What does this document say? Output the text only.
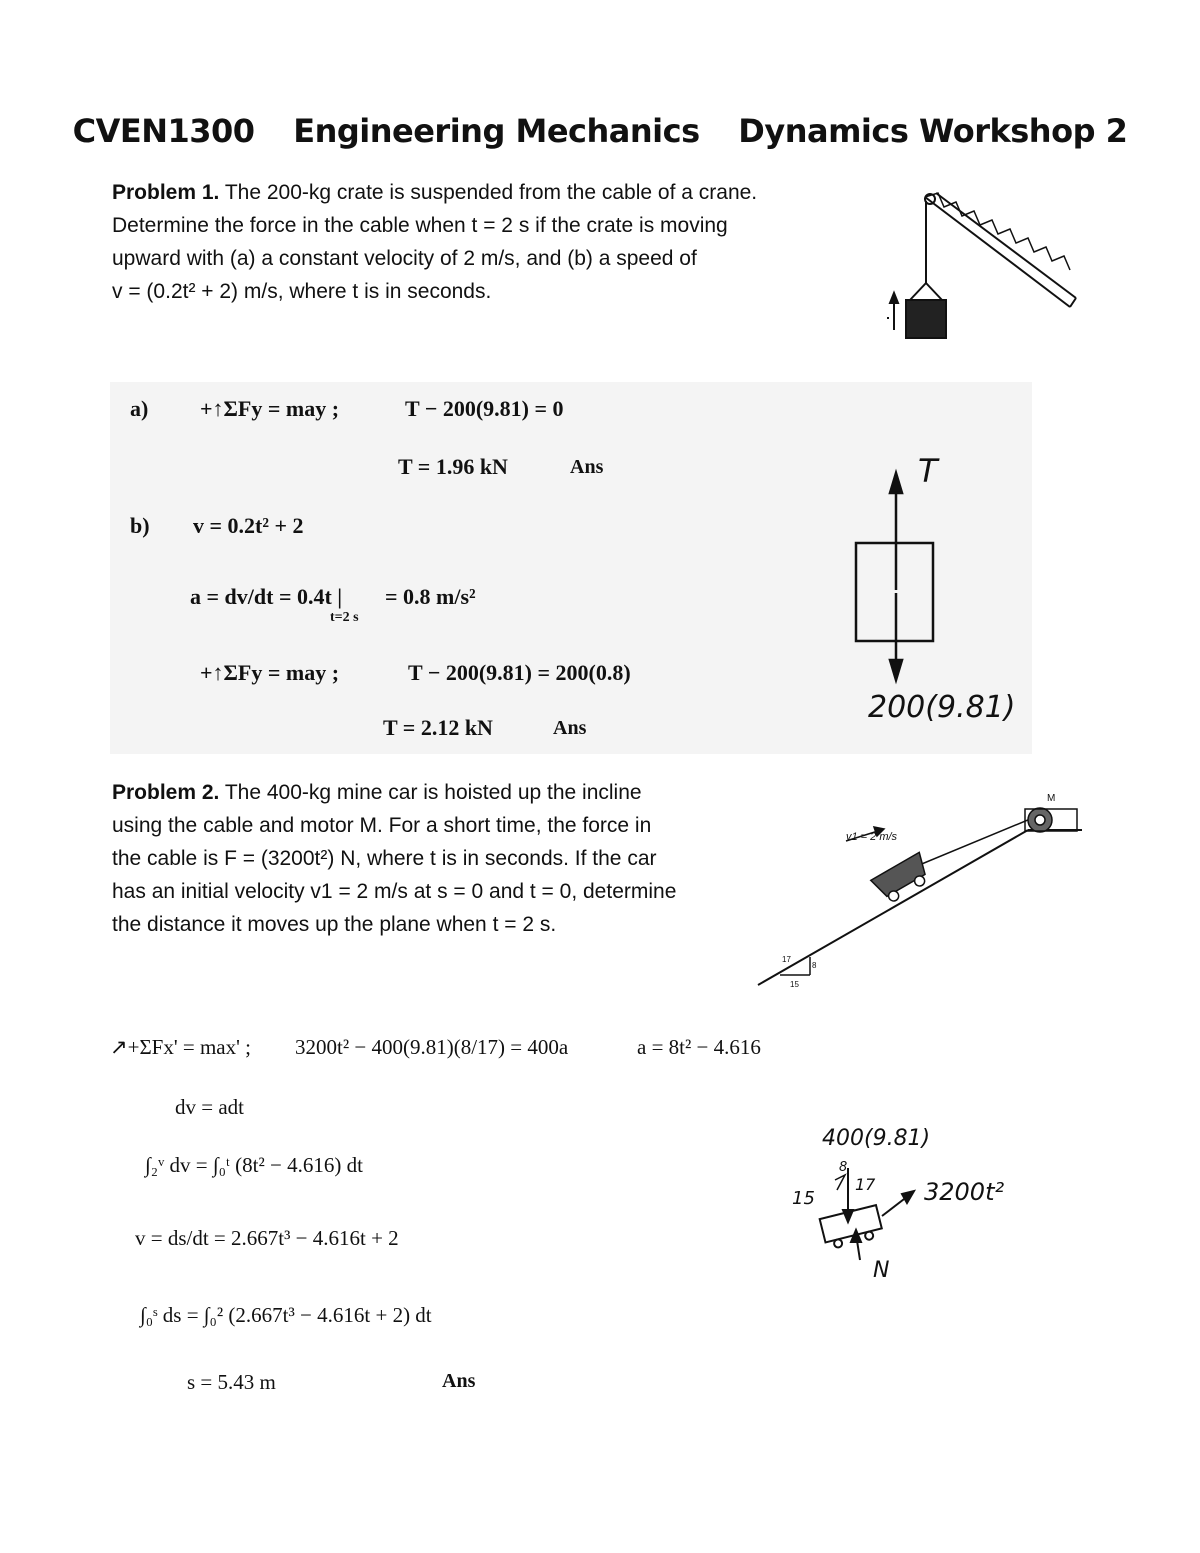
CVEN1300 Engineering Mechanics Dynamics Workshop 2
Problem 1. The 200-kg crate is suspended from the cable of a crane.
Determine the force in the cable when t = 2 s if the crate is moving
upward with (a) a constant velocity of 2 m/s, and (b) a speed of
v = (0.2t² + 2) m/s, where t is in seconds.
a) +↑ΣFy = may ;	T − 200(9.81) = 0
T = 1.96 kN	Ans
b) v = 0.2t² + 2
a = dv/dt = 0.4t |
t=2 s
= 0.8 m/s²
+↑ΣFy = may ;	T − 200(9.81) = 200(0.8)
T = 2.12 kN	Ans
T
200(9.81)
Problem 2. The 400-kg mine car is hoisted up the incline
using the cable and motor M. For a short time, the force in
the cable is F = (3200t²) N, where t is in seconds. If the car
has an initial velocity v1 = 2 m/s at s = 0 and t = 0, determine
the distance it moves up the plane when t = 2 s.
v1 = 2 m/s
M
8
17
15
↗+ΣFx' = max' ; 3200t² − 400(9.81)(8/17) = 400a	a = 8t² − 4.616
dv = adt
∫₂ᵛ dv = ∫₀ᵗ (8t² − 4.616) dt
v = ds/dt = 2.667t³ − 4.616t + 2
∫₀ˢ ds = ∫₀² (2.667t³ − 4.616t + 2) dt
s = 5.43 m	Ans
400(9.81)
3200t²
N
15
8
17
